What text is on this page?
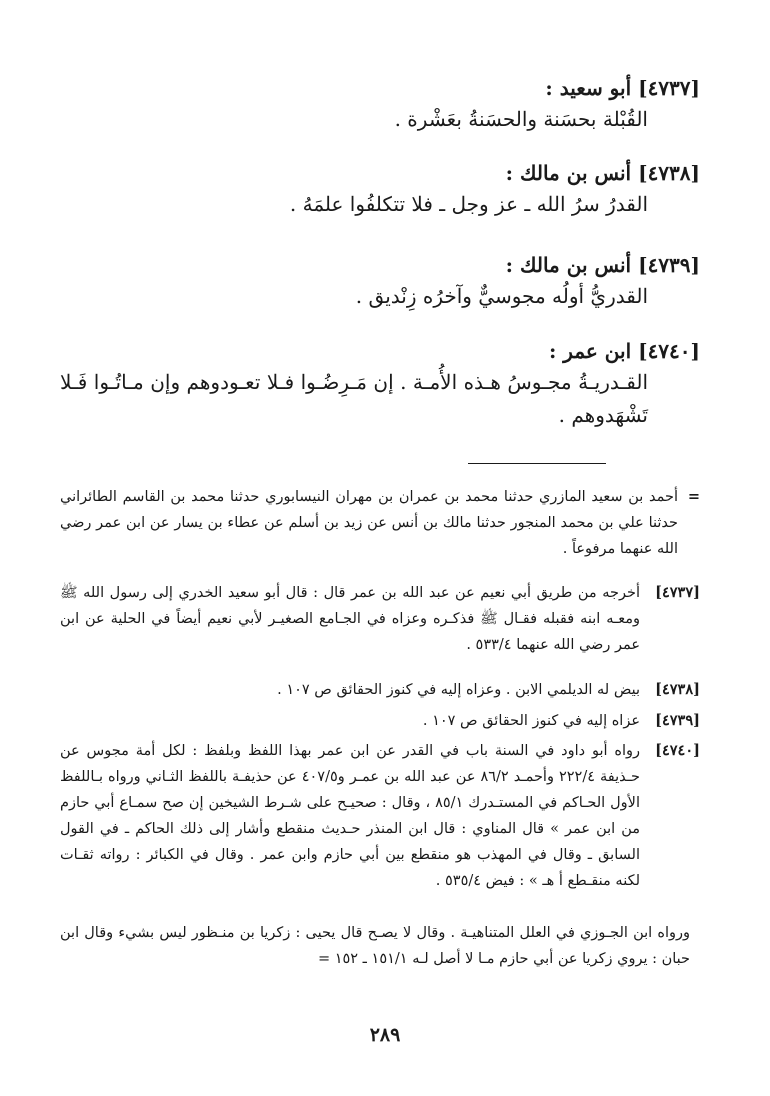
[٤٧٣٧] أبو سعيد :
القُبْلة بحسَنة والحسَنةُ بعَشْرة .
[٤٧٣٨] أنس بن مالك :
القدرُ سرُ الله ـ عز وجل ـ فلا تتكلفُوا علمَهُ .
[٤٧٣٩] أنس بن مالك :
القدريُّ أولُه مجوسيٌّ وآخرُه زِنْديق .
[٤٧٤٠] ابن عمر :
القـدريـةُ مجـوسُ هـذه الأُمـة . إن مَـرِضُـوا فـلا تعـودوهم وإن مـاتُـوا فَـلا تَشْهَدوهم .
=
أحمد بن سعيد المازري حدثنا محمد بن عمران بن مهران النيسابوري حدثنا محمد بن القاسم الطائراني حدثنا علي بن محمد المنجور حدثنا مالك بن أنس عن زيد بن أسلم عن عطاء بن يسار عن ابن عمر رضي الله عنهما مرفوعاً .
[٤٧٣٧]
أخرجه من طريق أبي نعيم عن عبد الله بن عمر قال : قال أبو سعيد الخدري إلى رسول الله ﷺ ومعـه ابنه فقبله فقـال ﷺ فذكـره وعزاه في الجـامع الصغيـر لأبي نعيم أيضاً في الحلية عن ابن عمر رضي الله عنهما ٥٣٣/٤ .
[٤٧٣٨]
بيض له الديلمي الابن . وعزاه إليه في كنوز الحقائق ص ١٠٧ .
[٤٧٣٩]
عزاه إليه في كنوز الحقائق ص ١٠٧ .
[٤٧٤٠]
رواه أبو داود في السنة باب في القدر عن ابن عمر بهذا اللفظ وبلفظ : لكل أمة مجوس عن حـذيفة ٢٢٢/٤ وأحمـد ٨٦/٢ عن عبد الله بن عمـر و٤٠٧/٥ عن حذيفـة باللفظ الثـاني ورواه بـاللفظ الأول الحـاكم في المستـدرك ٨٥/١ ، وقال : صحيـح على شـرط الشيخين إن صح سمـاع أبي حازم من ابن عمر » قال المناوي : قال ابن المنذر حـديث منقطع وأشار إلى ذلك الحاكم ـ في القول السابق ـ وقال في المهذب هو منقطع بين أبي حازم وابن عمر . وقال في الكبائر : رواته ثقـات لكنه منقـطع أ هـ » : فيض ٥٣٥/٤ .
ورواه ابن الجـوزي في العلل المتناهيـة . وقال لا يصـح قال يحيى : زكريا بن منـظور ليس بشيء وقال ابن حبان : يروي زكريا عن أبي حازم مـا لا أصل لـه ١٥١/١ ـ ١٥٢ =
٢٨٩
